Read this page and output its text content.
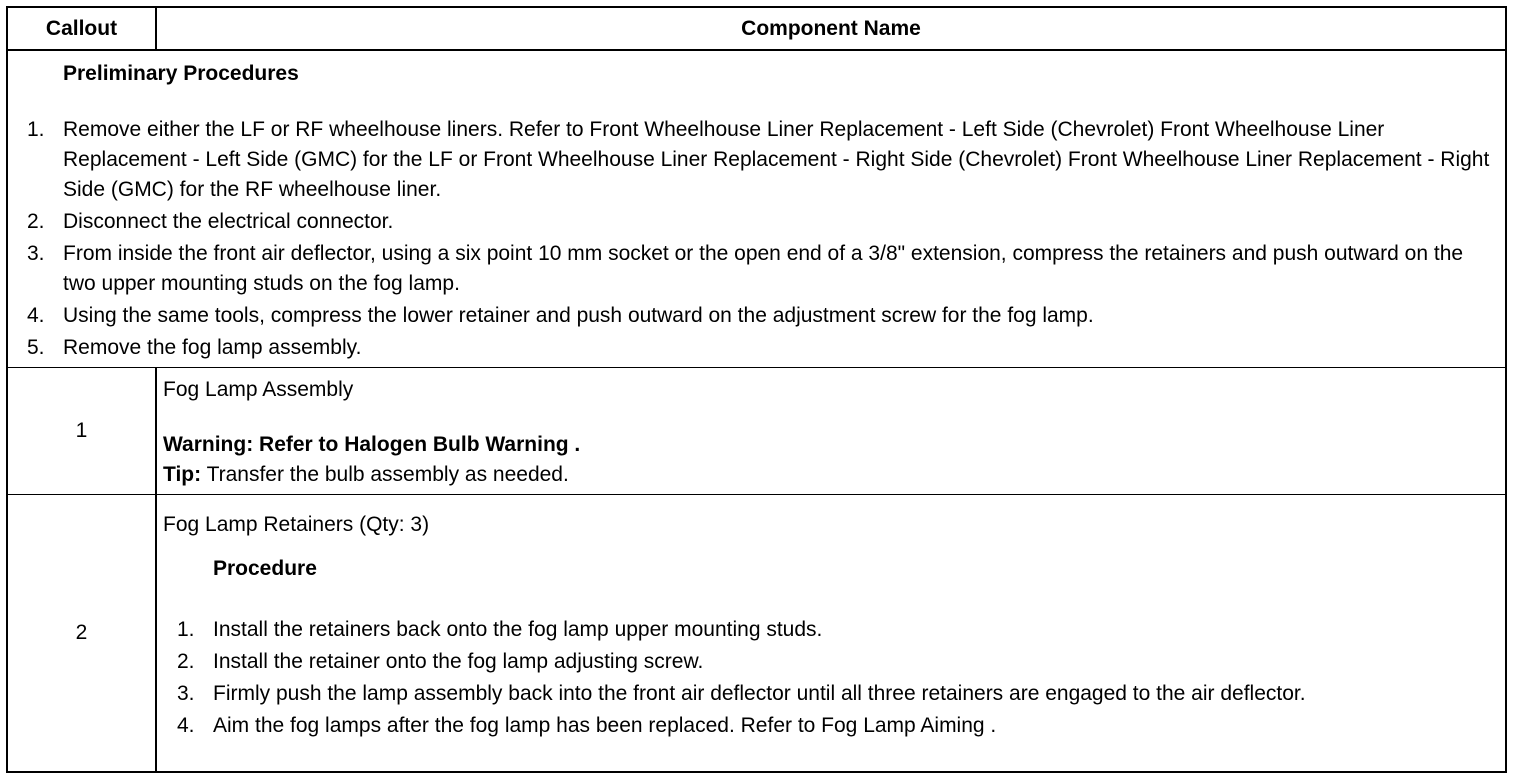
Callout	Component Name
Preliminary Procedures
1. Remove either the LF or RF wheelhouse liners. Refer to Front Wheelhouse Liner Replacement - Left Side (Chevrolet) Front Wheelhouse Liner Replacement - Left Side (GMC) for the LF or Front Wheelhouse Liner Replacement - Right Side (Chevrolet) Front Wheelhouse Liner Replacement - Right Side (GMC) for the RF wheelhouse liner.
2. Disconnect the electrical connector.
3. From inside the front air deflector, using a six point 10 mm socket or the open end of a 3/8" extension, compress the retainers and push outward on the two upper mounting studs on the fog lamp.
4. Using the same tools, compress the lower retainer and push outward on the adjustment screw for the fog lamp.
5. Remove the fog lamp assembly.
1
Fog Lamp Assembly
Warning: Refer to Halogen Bulb Warning .
Tip: Transfer the bulb assembly as needed.
2
Fog Lamp Retainers (Qty: 3)
Procedure
1. Install the retainers back onto the fog lamp upper mounting studs.
2. Install the retainer onto the fog lamp adjusting screw.
3. Firmly push the lamp assembly back into the front air deflector until all three retainers are engaged to the air deflector.
4. Aim the fog lamps after the fog lamp has been replaced. Refer to Fog Lamp Aiming .
